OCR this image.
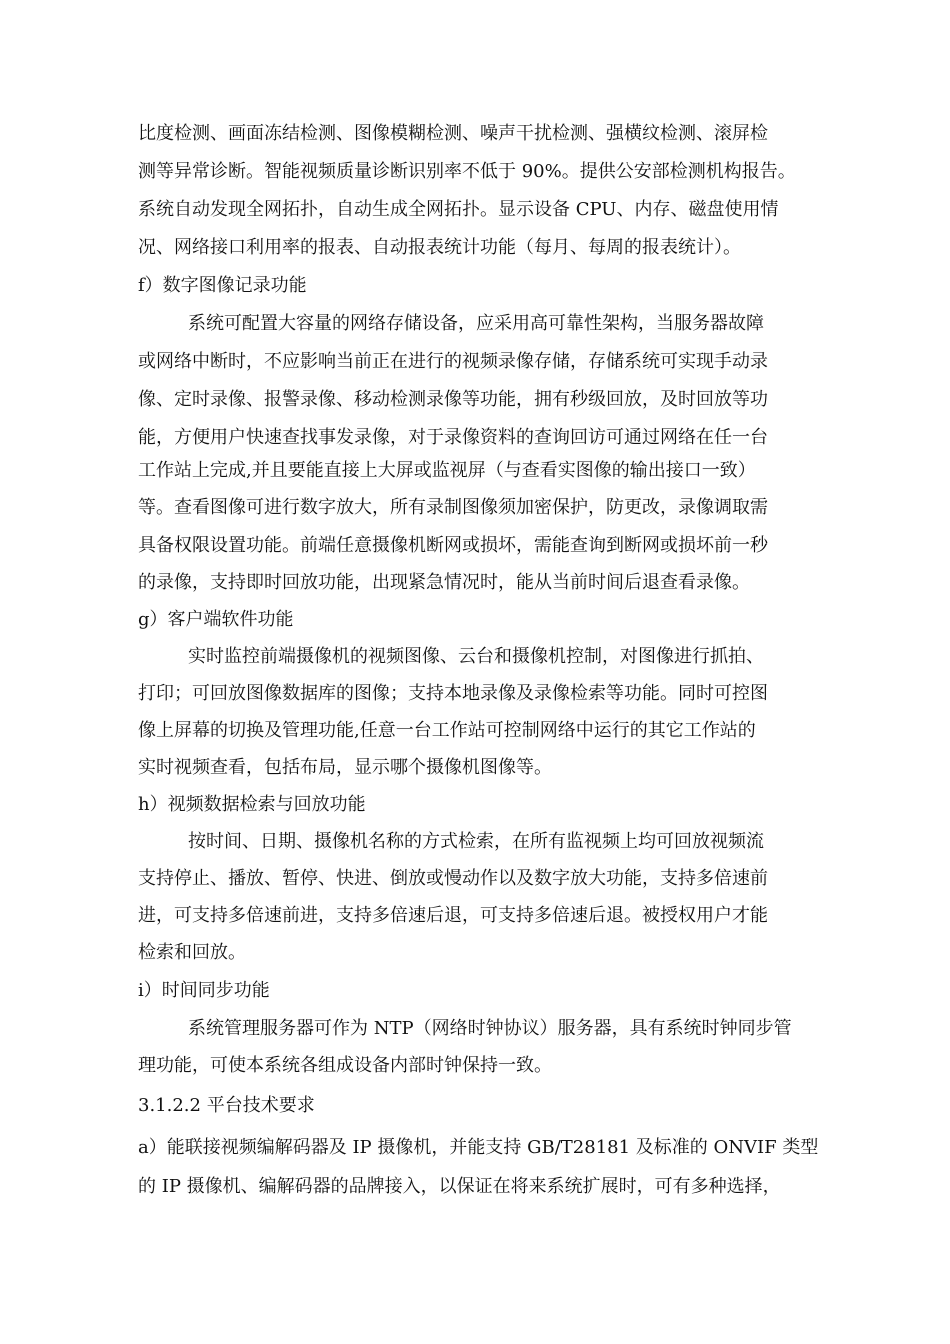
比度检测、画面冻结检测、图像模糊检测、噪声干扰检测、强横纹检测、滚屏检
测等异常诊断。智能视频质量诊断识别率不低于 90%。提供公安部检测机构报告。
系统自动发现全网拓扑，自动生成全网拓扑。显示设备 CPU、内存、磁盘使用情
况、网络接口利用率的报表、自动报表统计功能（每月、每周的报表统计）。
f）数字图像记录功能
系统可配置大容量的网络存储设备，应采用高可靠性架构，当服务器故障
或网络中断时，不应影响当前正在进行的视频录像存储，存储系统可实现手动录
像、定时录像、报警录像、移动检测录像等功能，拥有秒级回放，及时回放等功
能，方便用户快速查找事发录像，对于录像资料的查询回访可通过网络在任一台
工作站上完成,并且要能直接上大屏或监视屏（与查看实图像的输出接口一致）
等。查看图像可进行数字放大，所有录制图像须加密保护，防更改，录像调取需
具备权限设置功能。前端任意摄像机断网或损坏，需能查询到断网或损坏前一秒
的录像，支持即时回放功能，出现紧急情况时，能从当前时间后退查看录像。
g）客户端软件功能
实时监控前端摄像机的视频图像、云台和摄像机控制，对图像进行抓拍、
打印；可回放图像数据库的图像；支持本地录像及录像检索等功能。同时可控图
像上屏幕的切换及管理功能,任意一台工作站可控制网络中运行的其它工作站的
实时视频查看，包括布局，显示哪个摄像机图像等。
h）视频数据检索与回放功能
按时间、日期、摄像机名称的方式检索，在所有监视频上均可回放视频流
支持停止、播放、暂停、快进、倒放或慢动作以及数字放大功能，支持多倍速前
进，可支持多倍速前进，支持多倍速后退，可支持多倍速后退。被授权用户才能
检索和回放。
i）时间同步功能
系统管理服务器可作为 NTP（网络时钟协议）服务器，具有系统时钟同步管
理功能，可使本系统各组成设备内部时钟保持一致。
3.1.2.2 平台技术要求
a）能联接视频编解码器及 IP 摄像机，并能支持 GB/T28181 及标准的 ONVIF 类型
的 IP 摄像机、编解码器的品牌接入，以保证在将来系统扩展时，可有多种选择，
